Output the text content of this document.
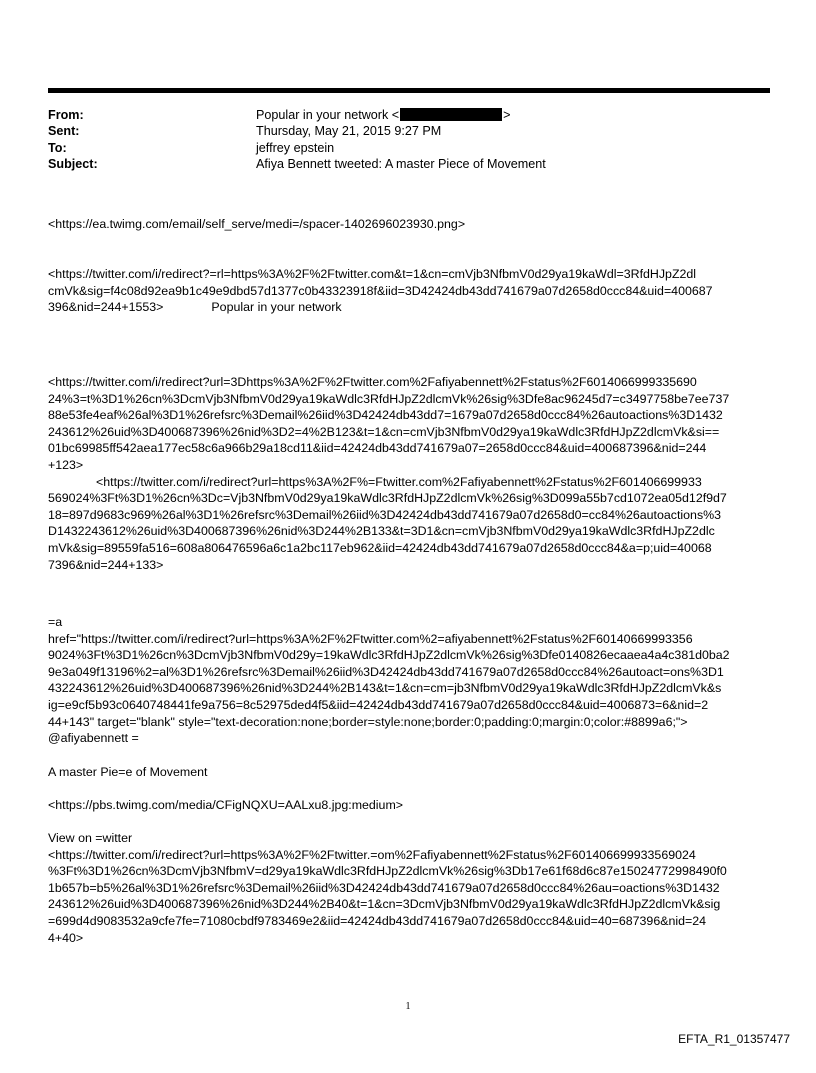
From:	Popular in your network <	>
Sent:	Thursday, May 21, 2015 9:27 PM
To:	jeffrey epstein
Subject:	Afiya Bennett tweeted: A master Piece of Movement
<https://ea.twimg.com/email/self_serve/medi=/spacer-1402696023930.png>
<https://twitter.com/i/redirect?=rl=https%3A%2F%2Ftwitter.com&t=1&cn=cmVjb3NfbmV0d29ya19kaWdl=3RfdHJpZ2dl
cmVk&sig=f4c08d92ea9b1c49e9dbd57d1377c0b43323918f&iid=3D42424db43dd741679a07d2658d0ccc84&uid=400687
396&nid=244+1553>	Popular in your network
<https://twitter.com/i/redirect?url=3Dhttps%3A%2F%2Ftwitter.com%2Fafiyabennett%2Fstatus%2F6014066999335690
24%3=t%3D1%26cn%3DcmVjb3NfbmV0d29ya19kaWdlc3RfdHJpZ2dlcmVk%26sig%3Dfe8ac96245d7=c3497758be7ee737
88e53fe4eaf%26al%3D1%26refsrc%3Demail%26iid%3D42424db43dd7=1679a07d2658d0ccc84%26autoactions%3D1432
243612%26uid%3D400687396%26nid%3D2=4%2B123&t=1&cn=cmVjb3NfbmV0d29ya19kaWdlc3RfdHJpZ2dlcmVk&si==
01bc69985ff542aea177ec58c6a966b29a18cd11&iid=42424db43dd741679a07=2658d0ccc84&uid=400687396&nid=244
+123>
<https://twitter.com/i/redirect?url=https%3A%2F%=Ftwitter.com%2Fafiyabennett%2Fstatus%2F601406699933
569024%3Ft%3D1%26cn%3Dc=Vjb3NfbmV0d29ya19kaWdlc3RfdHJpZ2dlcmVk%26sig%3D099a55b7cd1072ea05d12f9d7
18=897d9683c969%26al%3D1%26refsrc%3Demail%26iid%3D42424db43dd741679a07d2658d0=cc84%26autoactions%3
D1432243612%26uid%3D400687396%26nid%3D244%2B133&t=3D1&cn=cmVjb3NfbmV0d29ya19kaWdlc3RfdHJpZ2dlc
mVk&sig=89559fa516=608a806476596a6c1a2bc117eb962&iid=42424db43dd741679a07d2658d0ccc84&a=p;uid=40068
7396&nid=244+133>
=a
href="https://twitter.com/i/redirect?url=https%3A%2F%2Ftwitter.com%2=afiyabennett%2Fstatus%2F60140669993356
9024%3Ft%3D1%26cn%3DcmVjb3NfbmV0d29y=19kaWdlc3RfdHJpZ2dlcmVk%26sig%3Dfe0140826ecaaea4a4c381d0ba2
9e3a049f13196%2=al%3D1%26refsrc%3Demail%26iid%3D42424db43dd741679a07d2658d0ccc84%26autoact=ons%3D1
432243612%26uid%3D400687396%26nid%3D244%2B143&t=1&cn=cm=jb3NfbmV0d29ya19kaWdlc3RfdHJpZ2dlcmVk&s
ig=e9cf5b93c0640748441fe9a756=8c52975ded4f5&iid=42424db43dd741679a07d2658d0ccc84&uid=4006873=6&nid=2
44+143" target="blank" style="text-decoration:none;border=style:none;border:0;padding:0;margin:0;color:#8899a6;">
@afiyabennett =
A master Pie=e of Movement
<https://pbs.twimg.com/media/CFigNQXU=AALxu8.jpg:medium>
View on =witter
<https://twitter.com/i/redirect?url=https%3A%2F%2Ftwitter.=om%2Fafiyabennett%2Fstatus%2F601406699933569024
%3Ft%3D1%26cn%3DcmVjb3NfbmV=d29ya19kaWdlc3RfdHJpZ2dlcmVk%26sig%3Db17e61f68d6c87e15024772998490f0
1b657b=b5%26al%3D1%26refsrc%3Demail%26iid%3D42424db43dd741679a07d2658d0ccc84%26au=oactions%3D1432
243612%26uid%3D400687396%26nid%3D244%2B40&t=1&cn=3DcmVjb3NfbmV0d29ya19kaWdlc3RfdHJpZ2dlcmVk&sig
=699d4d9083532a9cfe7fe=71080cbdf9783469e2&iid=42424db43dd741679a07d2658d0ccc84&uid=40=687396&nid=24
4+40>
1
EFTA_R1_01357477
